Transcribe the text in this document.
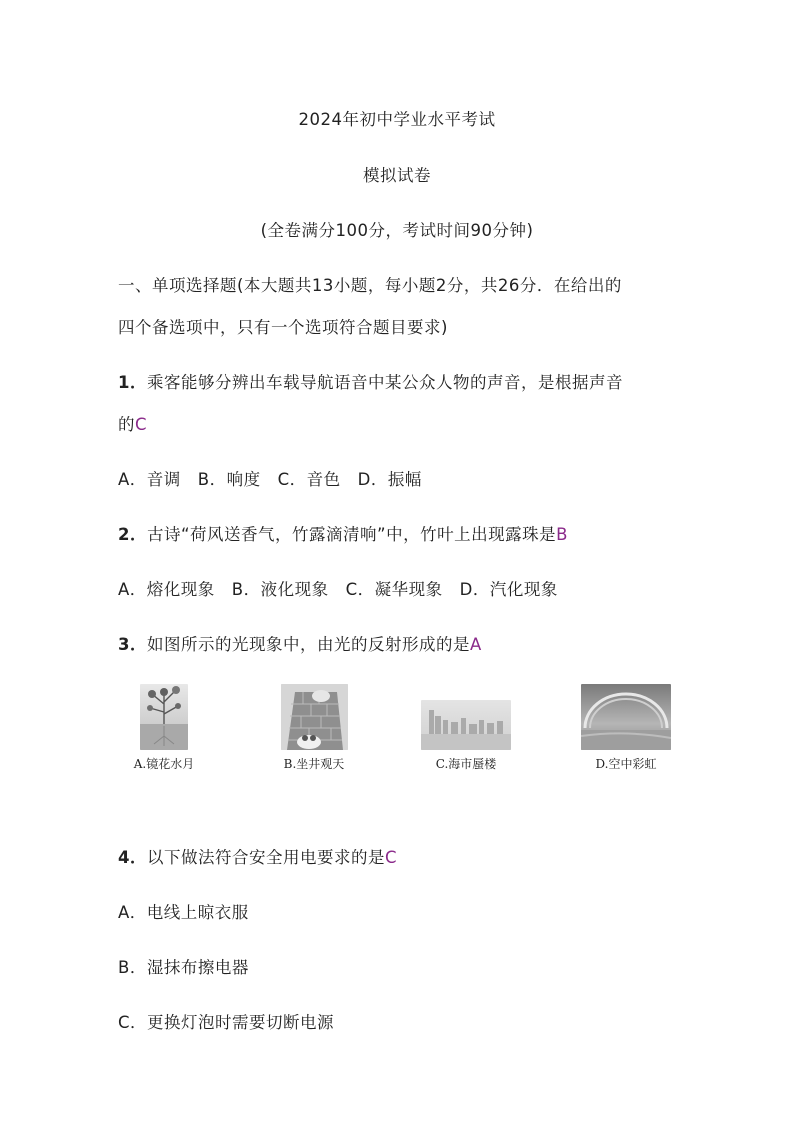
2024年初中学业水平考试
模拟试卷
(全卷满分100分，考试时间90分钟)
一、单项选择题(本大题共13小题，每小题2分，共26分．在给出的
四个备选项中，只有一个选项符合题目要求)
1．乘客能够分辨出车载导航语音中某公众人物的声音，是根据声音
的C
A．音调　B．响度　C．音色　D．振幅
2．古诗“荷风送香气，竹露滴清响”中，竹叶上出现露珠是B
A．熔化现象　B．液化现象　C．凝华现象　D．汽化现象
3．如图所示的光现象中，由光的反射形成的是A
A.镜花水月	B.坐井观天	C.海市蜃楼	D.空中彩虹
4．以下做法符合安全用电要求的是C
A．电线上晾衣服
B．湿抹布擦电器
C．更换灯泡时需要切断电源
